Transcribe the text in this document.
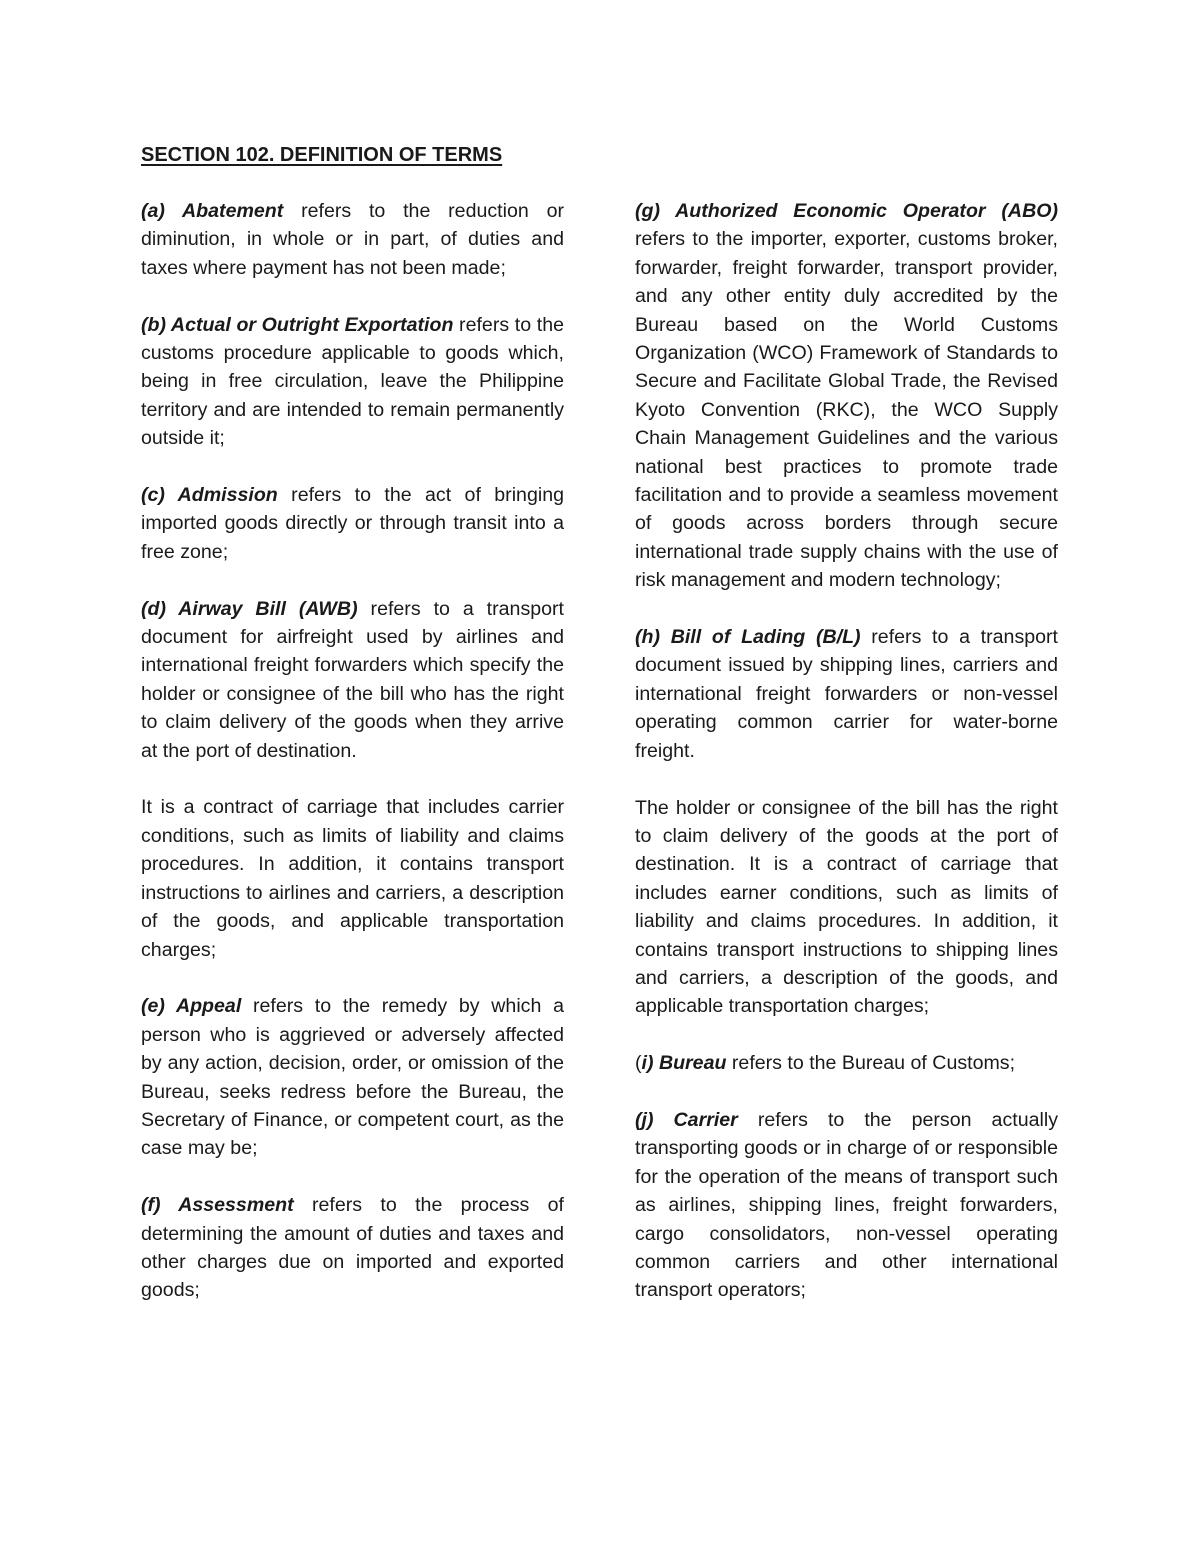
SECTION 102. DEFINITION OF TERMS

(a) Abatement refers to the reduction or diminution, in whole or in part, of duties and taxes where payment has not been made;

(b) Actual or Outright Exportation refers to the customs procedure applicable to goods which, being in free circulation, leave the Philippine territory and are intended to remain permanently outside it;

(c) Admission refers to the act of bringing imported goods directly or through transit into a free zone;

(d) Airway Bill (AWB) refers to a transport document for airfreight used by airlines and international freight forwarders which specify the holder or consignee of the bill who has the right to claim delivery of the goods when they arrive at the port of destination.

It is a contract of carriage that includes carrier conditions, such as limits of liability and claims procedures. In addition, it contains transport instructions to airlines and carriers, a description of the goods, and applicable transportation charges;

(e) Appeal refers to the remedy by which a person who is aggrieved or adversely affected by any action, decision, order, or omission of the Bureau, seeks redress before the Bureau, the Secretary of Finance, or competent court, as the case may be;

(f) Assessment refers to the process of determining the amount of duties and taxes and other charges due on imported and exported goods;

(g) Authorized Economic Operator (ABO) refers to the importer, exporter, customs broker, forwarder, freight forwarder, transport provider, and any other entity duly accredited by the Bureau based on the World Customs Organization (WCO) Framework of Standards to Secure and Facilitate Global Trade, the Revised Kyoto Convention (RKC), the WCO Supply Chain Management Guidelines and the various national best practices to promote trade facilitation and to provide a seamless movement of goods across borders through secure international trade supply chains with the use of risk management and modern technology;

(h) Bill of Lading (B/L) refers to a transport document issued by shipping lines, carriers and international freight forwarders or non-vessel operating common carrier for water-borne freight.

The holder or consignee of the bill has the right to claim delivery of the goods at the port of destination. It is a contract of carriage that includes earner conditions, such as limits of liability and claims procedures. In addition, it contains transport instructions to shipping lines and carriers, a description of the goods, and applicable transportation charges;

(i) Bureau refers to the Bureau of Customs;

(j) Carrier refers to the person actually transporting goods or in charge of or responsible for the operation of the means of transport such as airlines, shipping lines, freight forwarders, cargo consolidators, non-vessel operating common carriers and other international transport operators;
